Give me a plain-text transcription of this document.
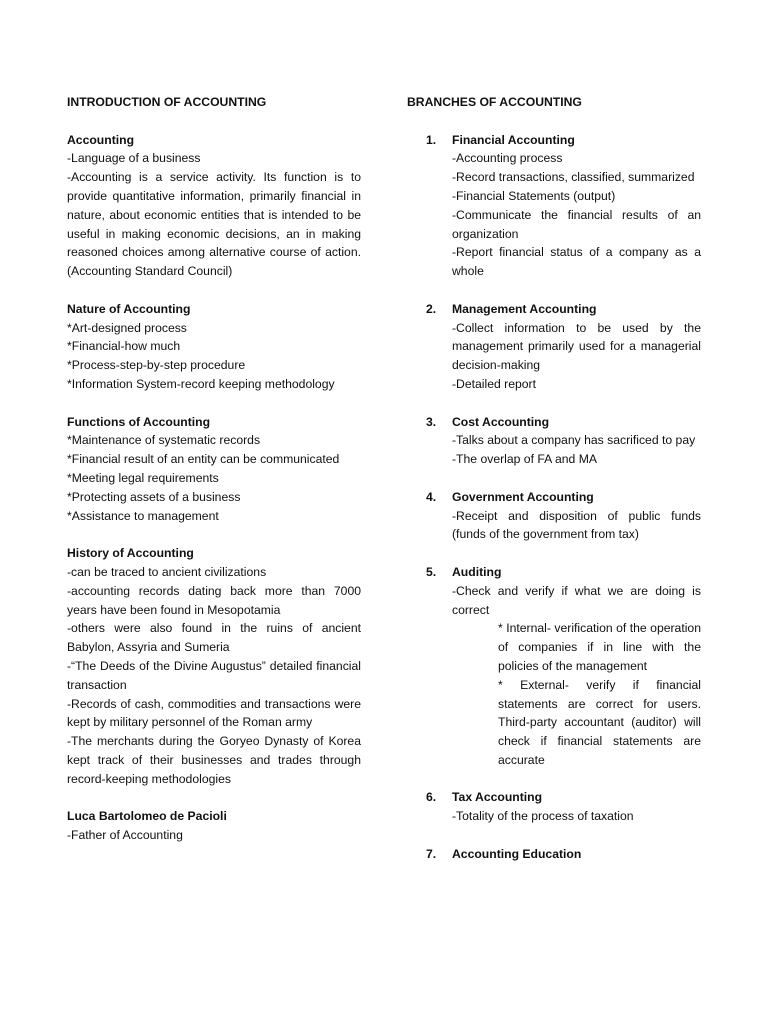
INTRODUCTION OF ACCOUNTING

Accounting

-Language of a business

-Accounting is a service activity. Its function is to provide quantitative information, primarily financial in nature, about economic entities that is intended to be useful in making economic decisions, an in making reasoned choices among alternative course of action. (Accounting Standard Council)

Nature of Accounting

*Art-designed process

*Financial-how much

*Process-step-by-step procedure

*Information System-record keeping methodology

Functions of Accounting

*Maintenance of systematic records

*Financial result of an entity can be communicated

*Meeting legal requirements

*Protecting assets of a business

*Assistance to management

History of Accounting

-can be traced to ancient civilizations

-accounting records dating back more than 7000 years have been found in Mesopotamia

-others were also found in the ruins of ancient Babylon, Assyria and Sumeria

-“The Deeds of the Divine Augustus” detailed financial transaction

-Records of cash, commodities and transactions were kept by military personnel of the Roman army

-The merchants during the Goryeo Dynasty of Korea kept track of their businesses and trades through record-keeping methodologies

Luca Bartolomeo de Pacioli

-Father of Accounting

BRANCHES OF ACCOUNTING

1. Financial Accounting

-Accounting process

-Record transactions, classified, summarized

-Financial Statements (output)

-Communicate the financial results of an organization

-Report financial status of a company as a whole

2. Management Accounting

-Collect information to be used by the management primarily used for a managerial decision-making

-Detailed report

3. Cost Accounting

-Talks about a company has sacrificed to pay

-The overlap of FA and MA

4. Government Accounting

-Receipt and disposition of public funds (funds of the government from tax)

5. Auditing

-Check and verify if what we are doing is correct

* Internal- verification of the operation of companies if in line with the policies of the management

* External- verify if financial statements are correct for users. Third-party accountant (auditor) will check if financial statements are accurate

6. Tax Accounting

-Totality of the process of taxation

7. Accounting Education
